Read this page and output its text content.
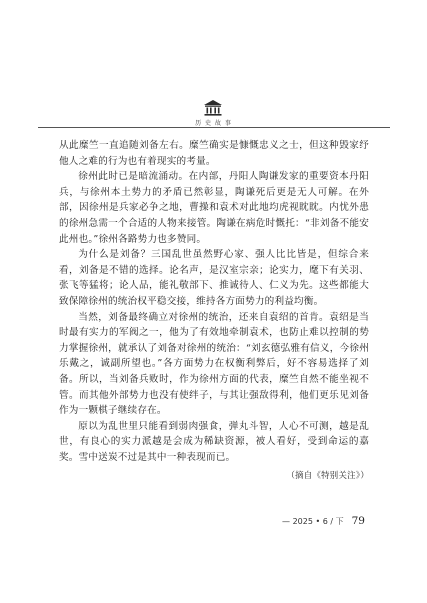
历 史 故 事

从此糜竺一直追随刘备左右。糜竺确实是慷慨忠义之士，但这种毁家纾他人之难的行为也有着现实的考量。

徐州此时已是暗流涌动。在内部，丹阳人陶谦发家的重要资本丹阳兵，与徐州本土势力的矛盾已然彰显，陶谦死后更是无人可解。在外部，因徐州是兵家必争之地，曹操和袁术对此地均虎视眈眈。内忧外患的徐州急需一个合适的人物来接管。陶谦在病危时慨托：“非刘备不能安此州也。”徐州各路势力也多赞同。

为什么是刘备？三国乱世虽然野心家、强人比比皆是，但综合来看，刘备是不错的选择。论名声，是汉室宗亲；论实力，麾下有关羽、张飞等猛将；论人品，能礼敬部下、推诚待人、仁义为先。这些都能大致保障徐州的统治权平稳交接，维持各方面势力的利益均衡。

当然，刘备最终确立对徐州的统治，还来自袁绍的首肯。袁绍是当时最有实力的军阀之一，他为了有效地牵制袁术，也防止难以控制的势力掌握徐州，就承认了刘备对徐州的统治：“刘玄德弘雅有信义，今徐州乐戴之，诚副所望也。”各方面势力在权衡利弊后，好不容易选择了刘备。所以，当刘备兵败时，作为徐州方面的代表，糜竺自然不能坐视不管。而其他外部势力也没有使绊子，与其让强敌得利，他们更乐见刘备作为一颗棋子继续存在。

原以为乱世里只能看到弱肉强食，弹丸斗智，人心不可测，越是乱世，有良心的实力派越是会成为稀缺资源，被人看好，受到命运的嘉奖。雪中送炭不过是其中一种表现而已。

（摘自《特别关注》）

— 2025 • 6 / 下 79
